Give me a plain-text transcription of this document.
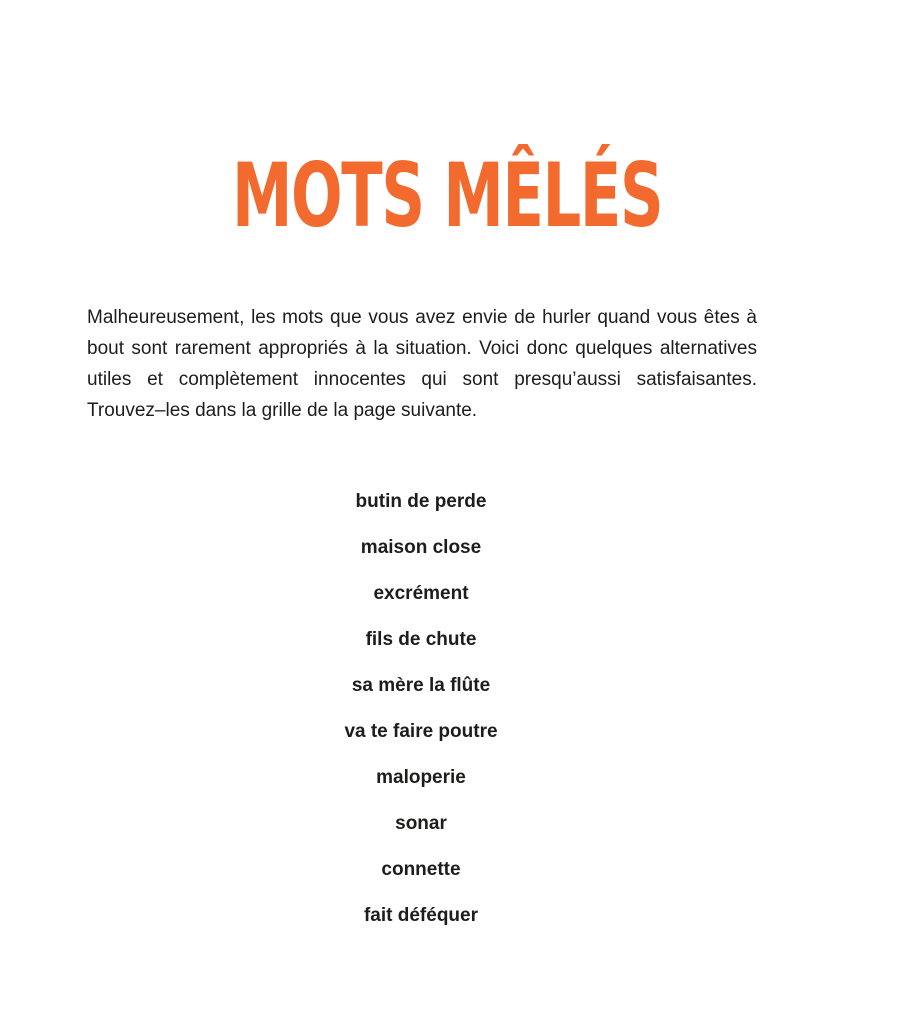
MOTS MÊLÉS

Malheureusement, les mots que vous avez envie de hurler quand vous êtes à bout sont rarement appropriés à la situation. Voici donc quelques alternatives utiles et complètement innocentes qui sont presqu’aussi satisfaisantes. Trouvez–les dans la grille de la page suivante.

butin de perde
maison close
excrément
fils de chute
sa mère la flûte
va te faire poutre
maloperie
sonar
connette
fait déféquer
